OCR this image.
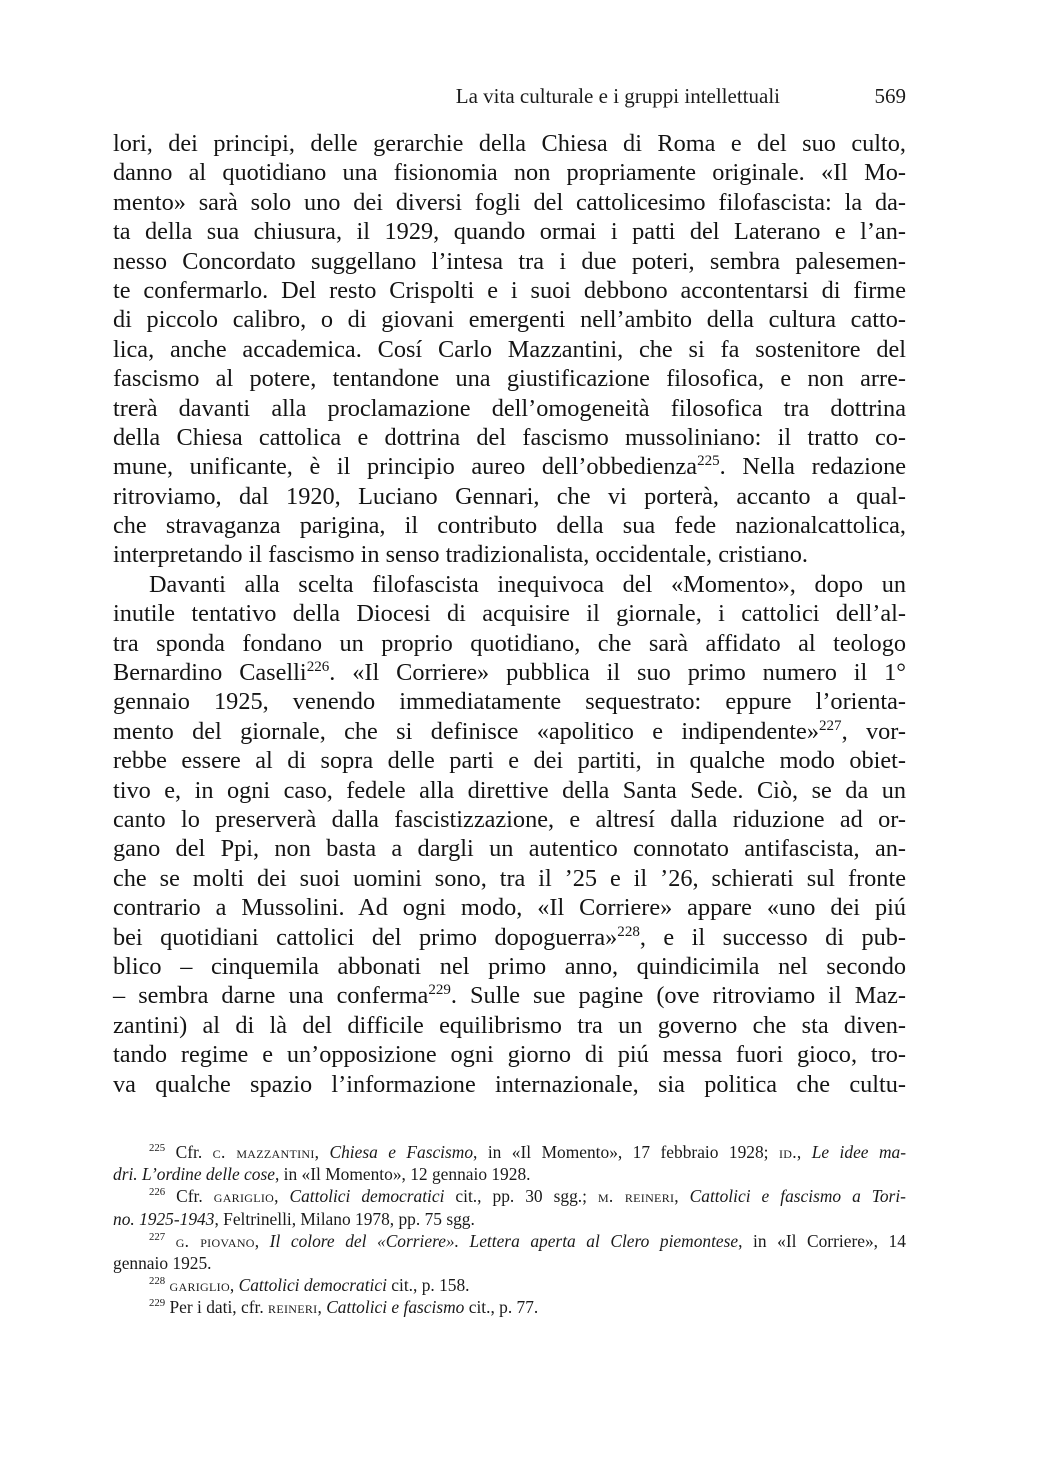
La vita culturale e i gruppi intellettuali	569
lori, dei principi, delle gerarchie della Chiesa di Roma e del suo culto,
danno al quotidiano una fisionomia non propriamente originale. «Il Mo-
mento» sarà solo uno dei diversi fogli del cattolicesimo filofascista: la da-
ta della sua chiusura, il 1929, quando ormai i patti del Laterano e l’an-
nesso Concordato suggellano l’intesa tra i due poteri, sembra palesemen-
te confermarlo. Del resto Crispolti e i suoi debbono accontentarsi di firme
di piccolo calibro, o di giovani emergenti nell’ambito della cultura catto-
lica, anche accademica. Cosí Carlo Mazzantini, che si fa sostenitore del
fascismo al potere, tentandone una giustificazione filosofica, e non arre-
trerà davanti alla proclamazione dell’omogeneità filosofica tra dottrina
della Chiesa cattolica e dottrina del fascismo mussoliniano: il tratto co-
mune, unificante, è il principio aureo dell’obbedienza$^{225}$. Nella redazione
ritroviamo, dal 1920, Luciano Gennari, che vi porterà, accanto a qual-
che stravaganza parigina, il contributo della sua fede nazionalcattolica,
interpretando il fascismo in senso tradizionalista, occidentale, cristiano.
Davanti alla scelta filofascista inequivoca del «Momento», dopo un
inutile tentativo della Diocesi di acquisire il giornale, i cattolici dell’al-
tra sponda fondano un proprio quotidiano, che sarà affidato al teologo
Bernardino Caselli$^{226}$. «Il Corriere» pubblica il suo primo numero il 1°
gennaio 1925, venendo immediatamente sequestrato: eppure l’orienta-
mento del giornale, che si definisce «apolitico e indipendente»$^{227}$, vor-
rebbe essere al di sopra delle parti e dei partiti, in qualche modo obiet-
tivo e, in ogni caso, fedele alla direttive della Santa Sede. Ciò, se da un
canto lo preserverà dalla fascistizzazione, e altresí dalla riduzione ad or-
gano del Ppi, non basta a dargli un autentico connotato antifascista, an-
che se molti dei suoi uomini sono, tra il ’25 e il ’26, schierati sul fronte
contrario a Mussolini. Ad ogni modo, «Il Corriere» appare «uno dei piú
bei quotidiani cattolici del primo dopoguerra»$^{228}$, e il successo di pub-
blico – cinquemila abbonati nel primo anno, quindicimila nel secondo
– sembra darne una conferma$^{229}$. Sulle sue pagine (ove ritroviamo il Maz-
zantini) al di là del difficile equilibrismo tra un governo che sta diven-
tando regime e un’opposizione ogni giorno di piú messa fuori gioco, tro-
va qualche spazio l’informazione internazionale, sia politica che cultu-
$^{225}$ Cfr. c. mazzantini, Chiesa e Fascismo, in «Il Momento», 17 febbraio 1928; id., Le idee ma-
dri. L’ordine delle cose, in «Il Momento», 12 gennaio 1928.
$^{226}$ Cfr. gariglio, Cattolici democratici cit., pp. 30 sgg.; m. reineri, Cattolici e fascismo a Tori-
no. 1925-1943, Feltrinelli, Milano 1978, pp. 75 sgg.
$^{227}$ g. piovano, Il colore del «Corriere». Lettera aperta al Clero piemontese, in «Il Corriere», 14
gennaio 1925.
$^{228}$ gariglio, Cattolici democratici cit., p. 158.
$^{229}$ Per i dati, cfr. reineri, Cattolici e fascismo cit., p. 77.
